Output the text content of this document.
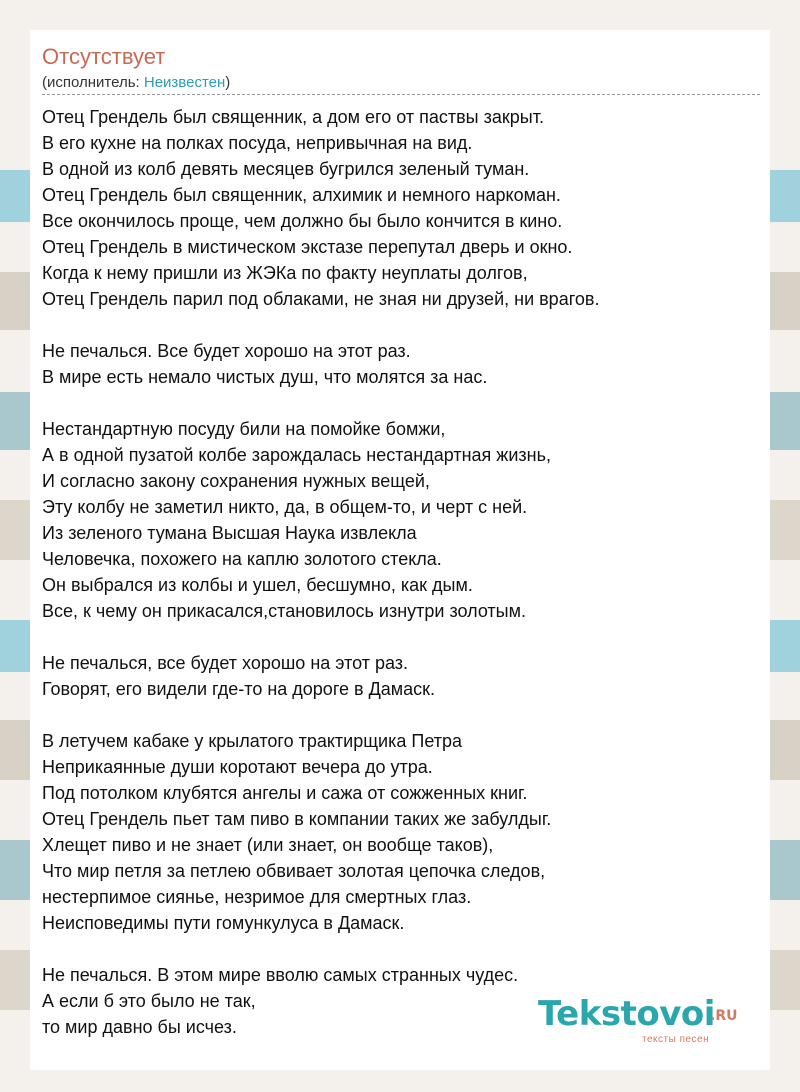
Отсутствует
(исполнитель: Неизвестен)
Отец Грендель был священник, а дом его от паствы закрыт.
В его кухне на полках посуда, непривычная на вид.
В одной из колб девять месяцев бугрился зеленый туман.
Отец Грендель был священник, алхимик и немного наркоман.
Все окончилось проще, чем должно бы было кончится в кино.
Отец Грендель в мистическом экстазе перепутал дверь и окно.
Когда к нему пришли из ЖЭКа по факту неуплаты долгов,
Отец Грендель парил под облаками, не зная ни друзей, ни врагов.
Не печалься. Все будет хорошо на этот раз.
В мире есть немало чистых душ, что молятся за нас.
Нестандартную посуду били на помойке бомжи,
А в одной пузатой колбе зарождалась нестандартная жизнь,
И согласно закону сохранения нужных вещей,
Эту колбу не заметил никто, да, в общем-то, и черт с ней.
Из зеленого тумана Высшая Наука извлекла
Человечка, похожего на каплю золотого стекла.
Он выбрался из колбы и ушел, бесшумно, как дым.
Все, к чему он прикасался,становилось изнутри золотым.
Не печалься, все будет хорошо на этот раз.
Говорят, его видели где-то на дороге в Дамаск.
В летучем кабаке у крылатого трактирщика Петра
Неприкаянные души коротают вечера до утра.
Под потолком клубятся ангелы и сажа от сожженных книг.
Отец Грендель пьет там пиво в компании таких же забулдыг.
Хлещет пиво и не знает (или знает, он вообще таков),
Что мир петля за петлею обвивает золотая цепочка следов,
нестерпимое сиянье, незримое для смертных глаз.
Неисповедимы пути гомункулуса в Дамаск.
Не печалься. В этом мире вволю самых странных чудес.
А если б это было не так,
то мир давно бы исчез.	Tekstovoi
.RU
тексты песен
